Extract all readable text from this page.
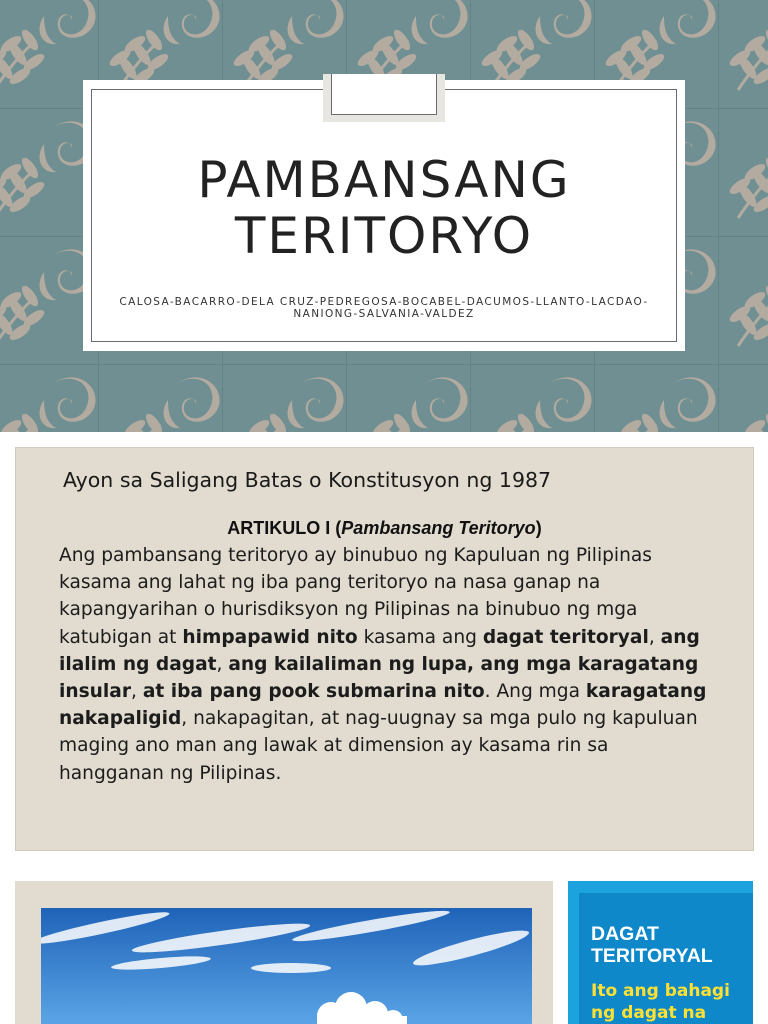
PAMBANSANG
TERITORYO
CALOSA-BACARRO-DELA CRUZ-PEDREGOSA-BOCABEL-DACUMOS-LLANTO-LACDAO-NANIONG-SALVANIA-VALDEZ
Ayon sa Saligang Batas o Konstitusyon ng 1987
ARTIKULO I (Pambansang Teritoryo)
Ang pambansang teritoryo ay binubuo ng Kapuluan ng Pilipinas kasama ang lahat ng iba pang teritoryo na nasa ganap na kapangyarihan o hurisdiksyon ng Pilipinas na binubuo ng mga katubigan at himpapawid nito kasama ang dagat teritoryal, ang ilalim ng dagat, ang kailaliman ng lupa, ang mga karagatang insular, at iba pang pook submarina nito. Ang mga karagatang nakapaligid, nakapagitan, at nag-uugnay sa mga pulo ng kapuluan maging ano man ang lawak at dimension ay kasama rin sa hangganan ng Pilipinas.
DAGAT
TERITORYAL
Ito ang bahagi ng dagat na
